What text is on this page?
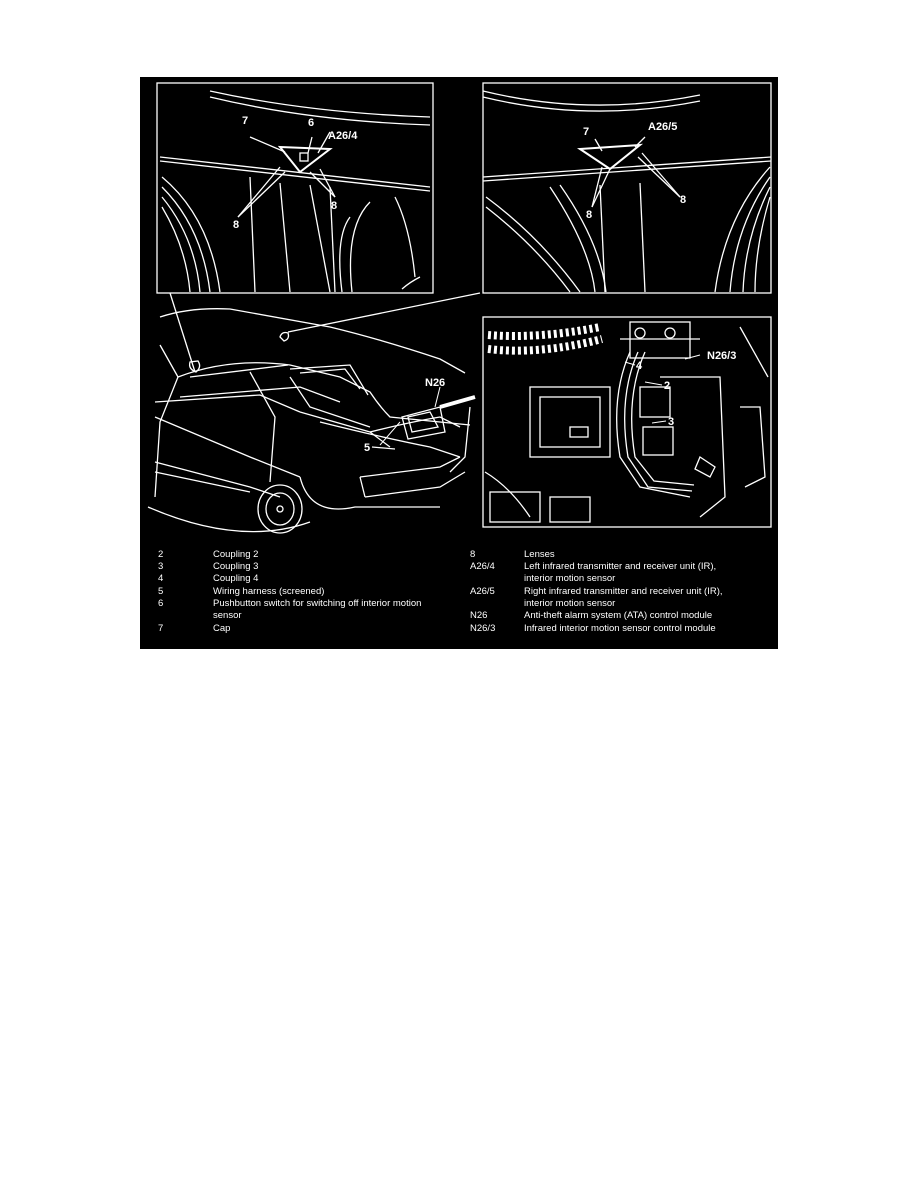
7	6
A26/4
8
8
7	A26/5
8
8
N26
5
N26/3
4
2
3
2	Coupling 2
3	Coupling 3
4	Coupling 4
5	Wiring harness (screened)
6	Pushbutton switch for switching off interior motion
sensor
7	Cap
8	Lenses
A26/4	Left infrared transmitter and receiver unit (IR),
interior motion sensor
A26/5	Right infrared transmitter and receiver unit (IR),
interior motion sensor
N26	Anti-theft alarm system (ATA) control module
N26/3	Infrared interior motion sensor control module
